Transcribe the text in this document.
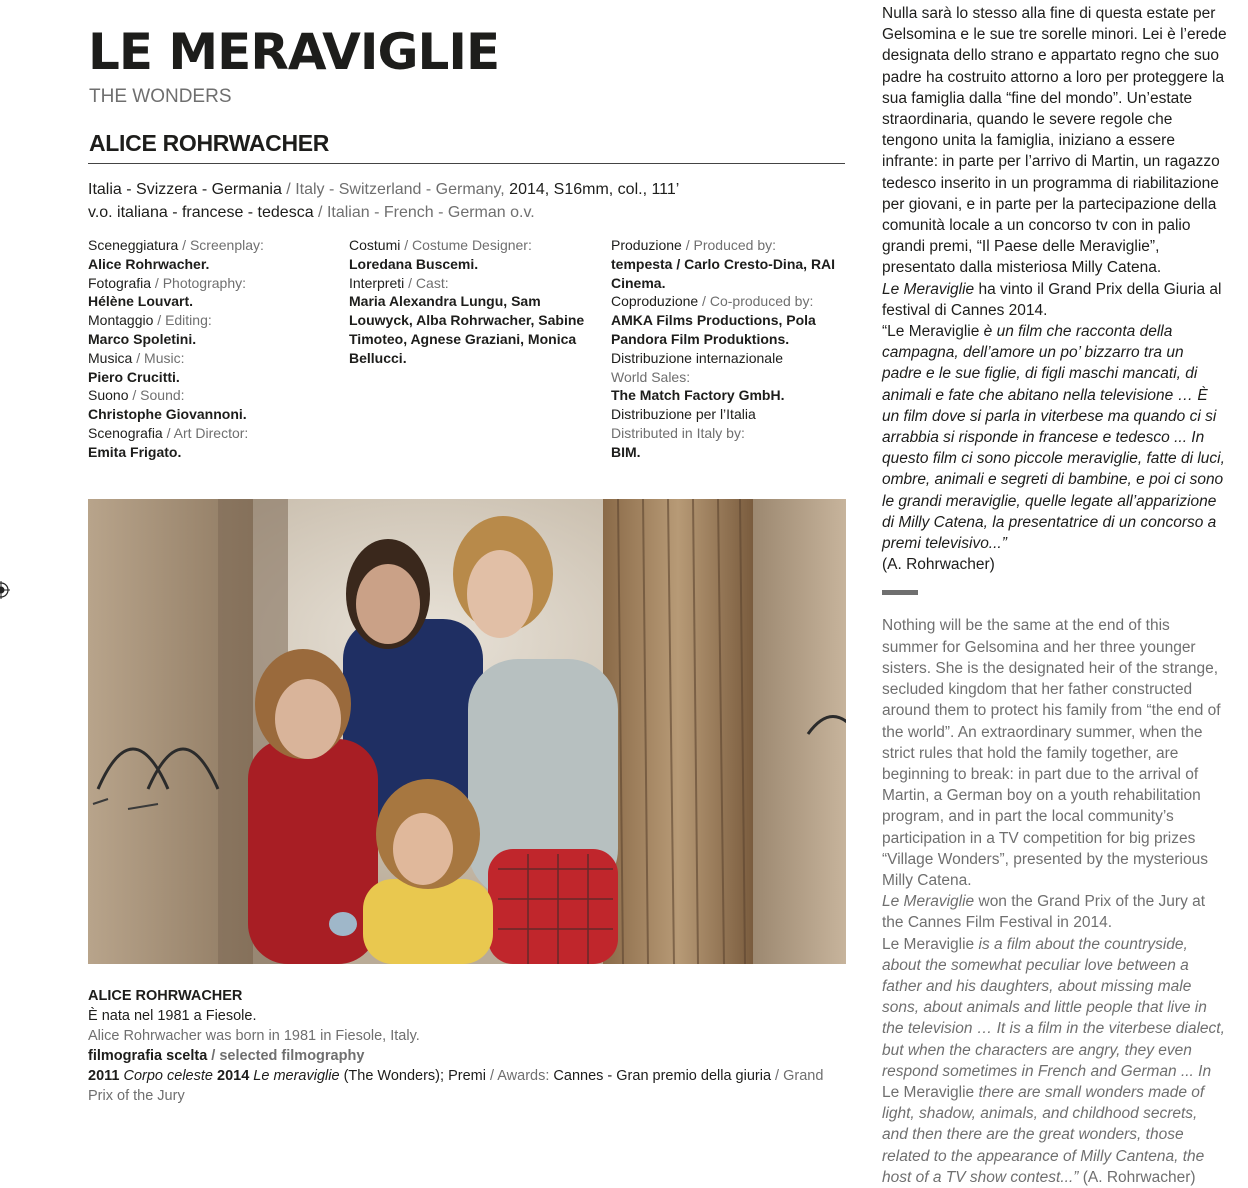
LE MERAVIGLIE
THE WONDERS
ALICE ROHRWACHER
Italia - Svizzera - Germania / Italy - Switzerland - Germany, 2014, S16mm, col., 111’
v.o. italiana - francese - tedesca / Italian - French - German o.v.
Sceneggiatura / Screenplay:
Alice Rohrwacher.
Fotografia / Photography:
Hélène Louvart.
Montaggio / Editing:
Marco Spoletini.
Musica / Music:
Piero Crucitti.
Suono / Sound:
Christophe Giovannoni.
Scenografia / Art Director:
Emita Frigato.
Costumi / Costume Designer:
Loredana Buscemi.
Interpreti / Cast:
Maria Alexandra Lungu, Sam Louwyck, Alba Rohrwacher, Sabine Timoteo, Agnese Graziani, Monica Bellucci.
Produzione / Produced by:
tempesta / Carlo Cresto-Dina, RAI Cinema.
Coproduzione / Co-produced by:
AMKA Films Productions, Pola Pandora Film Produktions.
Distribuzione internazionale
World Sales:
The Match Factory GmbH.
Distribuzione per l’Italia
Distributed in Italy by:
BIM.
ALICE ROHRWACHER
È nata nel 1981 a Fiesole.
Alice Rohrwacher was born in 1981 in Fiesole, Italy.
filmografia scelta / selected filmography
2011 Corpo celeste 2014 Le meraviglie (The Wonders); Premi / Awards: Cannes - Gran premio della giuria / Grand Prix of the Jury

Nulla sarà lo stesso alla fine di questa estate per Gelsomina e le sue tre sorelle minori. Lei è l’erede designata dello strano e appartato regno che suo padre ha costruito attorno a loro per proteggere la sua famiglia dalla “fine del mondo”. Un’estate straordinaria, quando le severe regole che tengono unita la famiglia, iniziano a essere infrante: in parte per l’arrivo di Martin, un ragazzo tedesco inserito in un programma di riabilitazione per giovani, e in parte per la partecipazione della comunità locale a un concorso tv con in palio grandi premi, “Il Paese delle Meraviglie”, presentato dalla misteriosa Milly Catena.

Le Meraviglie ha vinto il Grand Prix della Giuria al festival di Cannes 2014.

“Le Meraviglie è un film che racconta della campagna, dell’amore un po’ bizzarro tra un padre e le sue figlie, di figli maschi mancati, di animali e fate che abitano nella televisione … È un film dove si parla in viterbese ma quando ci si arrabbia si risponde in francese e tedesco ... In questo film ci sono piccole meraviglie, fatte di luci, ombre, animali e segreti di bambine, e poi ci sono le grandi meraviglie, quelle legate all’apparizione di Milly Catena, la presentatrice di un concorso a premi televisivo...”

(A. Rohrwacher)

Nothing will be the same at the end of this summer for Gelsomina and her three younger sisters. She is the designated heir of the strange, secluded kingdom that her father constructed around them to protect his family from “the end of the world”. An extraordinary summer, when the strict rules that hold the family together, are beginning to break: in part due to the arrival of Martin, a German boy on a youth rehabilitation program, and in part the local community’s participation in a TV competition for big prizes “Village Wonders”, presented by the mysterious Milly Catena.

Le Meraviglie won the Grand Prix of the Jury at the Cannes Film Festival in 2014.

Le Meraviglie is a film about the countryside, about the somewhat peculiar love between a father and his daughters, about missing male sons, about animals and little people that live in the television … It is a film in the viterbese dialect, but when the characters are angry, they even respond sometimes in French and German ... In Le Meraviglie there are small wonders made of light, shadow, animals, and childhood secrets, and then there are the great wonders, those related to the appearance of Milly Cantena, the host of a TV show contest...” (A. Rohrwacher)
